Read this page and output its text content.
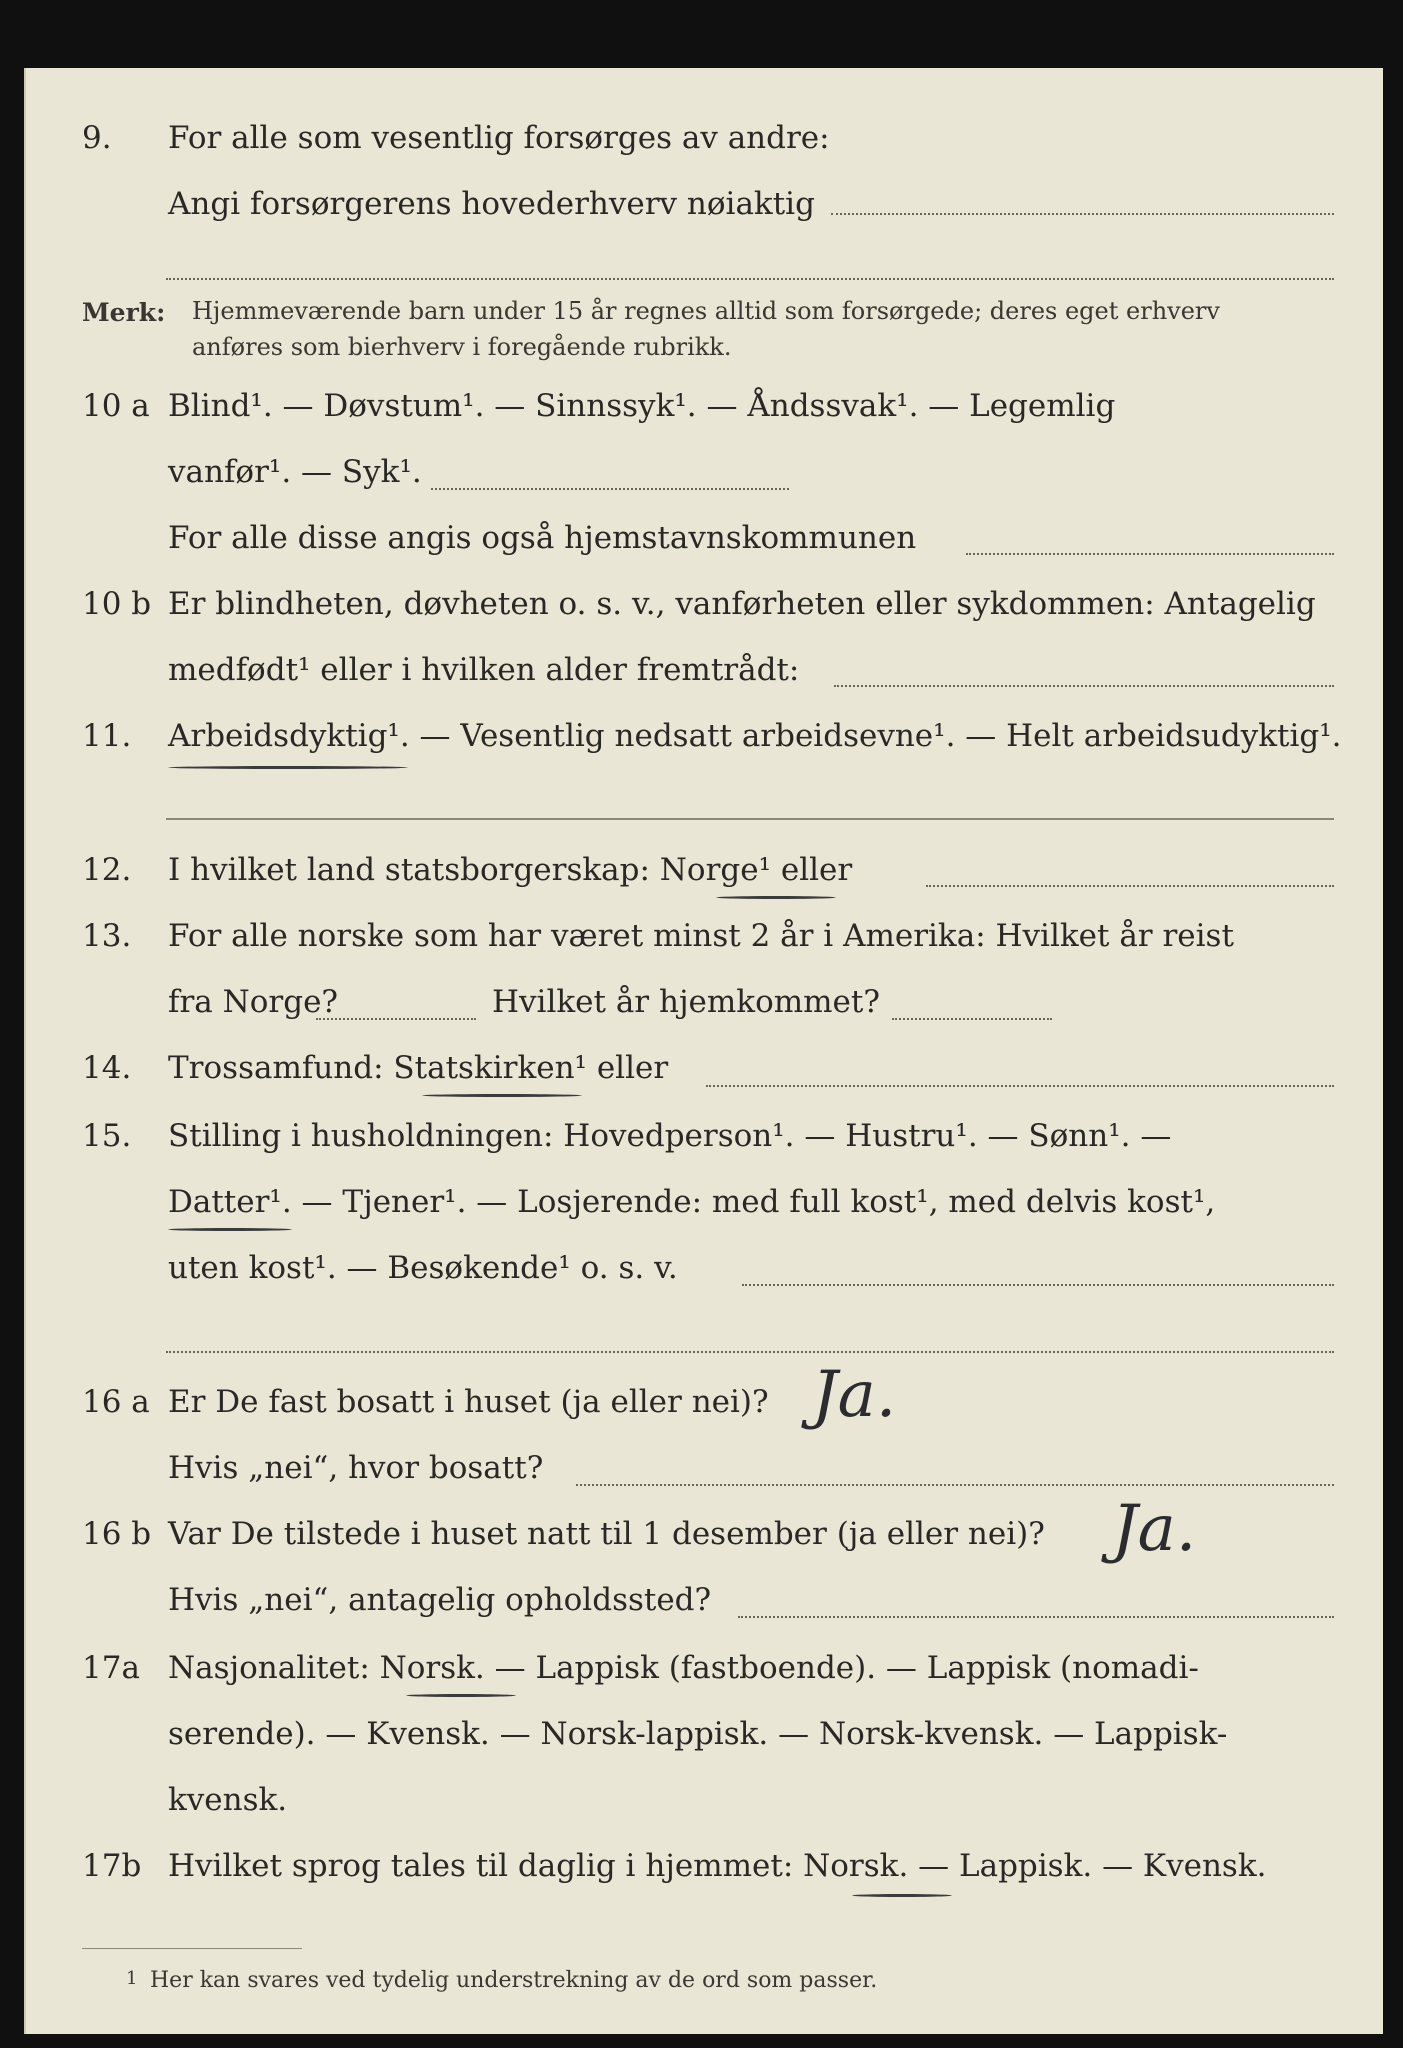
9. For alle som vesentlig forsørges av andre:
Angi forsørgerens hovederhverv nøiaktig
Merk: Hjemmeværende barn under 15 år regnes alltid som forsørgede; deres eget erhverv
anføres som bierhverv i foregående rubrikk.
10 a Blind¹. — Døvstum¹. — Sinnssyk¹. — Åndssvak¹. — Legemlig
vanfør¹. — Syk¹.
For alle disse angis også hjemstavnskommunen
10 b Er blindheten, døvheten o. s. v., vanførheten eller sykdommen: Antagelig
medfødt¹ eller i hvilken alder fremtrådt:
11. Arbeidsdyktig¹. — Vesentlig nedsatt arbeidsevne¹. — Helt arbeidsudyktig¹.
12. I hvilket land statsborgerskap: Norge¹ eller
13. For alle norske som har været minst 2 år i Amerika: Hvilket år reist
fra Norge?	Hvilket år hjemkommet?
14. Trossamfund: Statskirken¹ eller
15. Stilling i husholdningen: Hovedperson¹. — Hustru¹. — Sønn¹. —
Datter¹. — Tjener¹. — Losjerende: med full kost¹, med delvis kost¹,
uten kost¹. — Besøkende¹ o. s. v.
16 a Er De fast bosatt i huset (ja eller nei)? Ja.
Hvis „nei“, hvor bosatt?
16 b Var De tilstede i huset natt til 1 desember (ja eller nei)? Ja.
Hvis „nei“, antagelig opholdssted?
17a Nasjonalitet: Norsk. — Lappisk (fastboende). — Lappisk (nomadi-
serende). — Kvensk. — Norsk-lappisk. — Norsk-kvensk. — Lappisk-
kvensk.
17b Hvilket sprog tales til daglig i hjemmet: Norsk. — Lappisk. — Kvensk.
1 Her kan svares ved tydelig understrekning av de ord som passer.
